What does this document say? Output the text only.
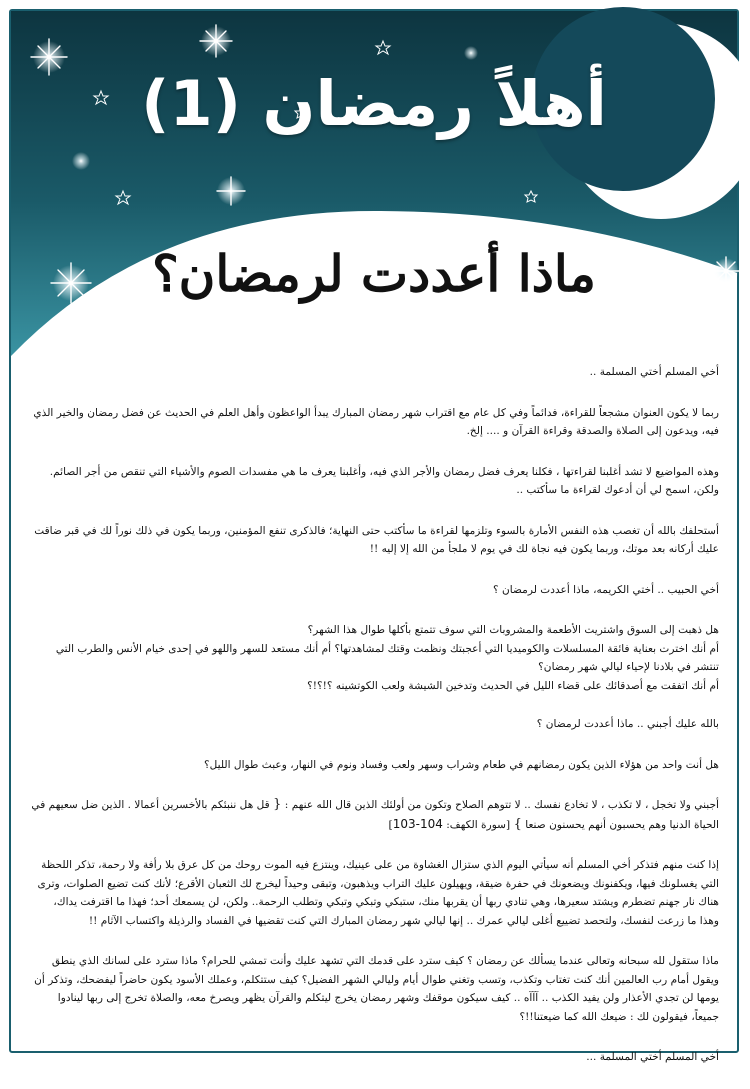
أهلاً رمضان (1)
ماذا أعددت لرمضان؟

أخي المسلم أختي المسلمة ..

ربما لا يكون العنوان مشجعاً للقراءة، فدائماً وفي كل عام مع اقتراب شهر رمضان المبارك يبدأ الواعظون وأهل العلم في الحديث عن فضل رمضان والخير الذي فيه، ويدعون إلى الصلاة والصدقة وقراءة القرآن و .... إلخ.

وهذه المواضيع لا تشد أغلبنا لقراءتها ، فكلنا يعرف فضل رمضان والأجر الذي فيه، وأغلبنا يعرف ما هي مفسدات الصوم والأشياء التي تنقص من أجر الصائم. ولكن، اسمح لي أن أدعوك لقراءة ما سأكتب ..

أستحلفك بالله أن تغصب هذه النفس الأمارة بالسوء وتلزمها لقراءة ما سأكتب حتى النهاية؛ فالذكرى تنفع المؤمنين، وربما يكون في ذلك نوراً لك في قبر ضاقت عليك أركانه بعد موتك، وربما يكون فيه نجاة لك في يوم لا ملجأ من الله إلا إليه !!

أخي الحبيب .. أختي الكريمه، ماذا أعددت لرمضان ؟

هل ذهبت إلى السوق واشتريت الأطعمة والمشروبات التي سوف تتمتع بأكلها طوال هذا الشهر؟
أم أنك اخترت بعناية فائقة المسلسلات والكوميديا التي أعجبتك ونظمت وقتك لمشاهدتها؟ أم أنك مستعد للسهر واللهو في إحدى خيام الأنس والطرب التي تنتشر في بلادنا لإحياء ليالي شهر رمضان؟
أم أنك اتفقت مع أصدقائك على قضاء الليل في الحديث وتدخين الشيشة ولعب الكوتشينه ؟!؟!؟

بالله عليك أجبني .. ماذا أعددت لرمضان ؟

هل أنت واحد من هؤلاء الذين يكون رمضانهم في طعام وشراب وسهر ولعب وفساد ونوم في النهار، وعبث طوال الليل؟

أجبني ولا تخجل ، لا تكذب ، لا تخادع نفسك .. لا تتوهم الصلاح وتكون من أولئك الذين قال الله عنهم : { قل هل ننبئكم بالأخسرين أعمالا . الذين ضل سعيهم في الحياة الدنيا وهم يحسبون أنهم يحسنون صنعا } [سورة الكهف: 104-103]

إذا كنت منهم فتذكر أخي المسلم أنه سيأتي اليوم الذي ستزال الغشاوة من على عينيك، وينتزع فيه الموت روحك من كل عرق بلا رأفة ولا رحمة، تذكر اللحظة التي يغسلونك فيها، ويكفنونك ويضعونك في حفرة ضيقة، ويهيلون عليك التراب ويذهبون، وتبقى وحيداً ليخرج لك الثعبان الأقرع؛ لأنك كنت تضيع الصلوات، وترى هناك نار جهنم تضطرم ويشتد سعيرها، وهي تنادي ربها أن يقربها منك، ستبكي وتبكي وتبكي وتطلب الرحمة.. ولكن، لن يسمعك أحد؛ فهذا ما اقترفت يداك، وهذا ما زرعت لنفسك، ولتحصد تضييع أغلى ليالي عمرك .. إنها ليالي شهر رمضان المبارك التي كنت تقضيها في الفساد والرذيلة واكتساب الآثام !!

ماذا ستقول لله سبحانه وتعالى عندما يسألك عن رمضان ؟ كيف سترد على قدمك التي تشهد عليك وأنت تمشي للحرام؟ ماذا سترد على لسانك الذي ينطق ويقول أمام رب العالمين أنك كنت تغتاب وتكذب، وتسب وتغني طوال أيام وليالي الشهر الفضيل؟ كيف ستتكلم، وعملك الأسود يكون حاضراً ليفضحك، وتذكر أن يومها لن تجدي الأعذار ولن يفيد الكذب .. آآآه .. كيف سيكون موقفك وشهر رمضان يخرج ليتكلم والقرآن يظهر ويصرخ معه، والصلاة تخرج إلى ربها لينادوا جميعاً، فيقولون لك : ضيعك الله كما ضيعتنا!!؟

أخي المسلم أختي المسلمة ...
